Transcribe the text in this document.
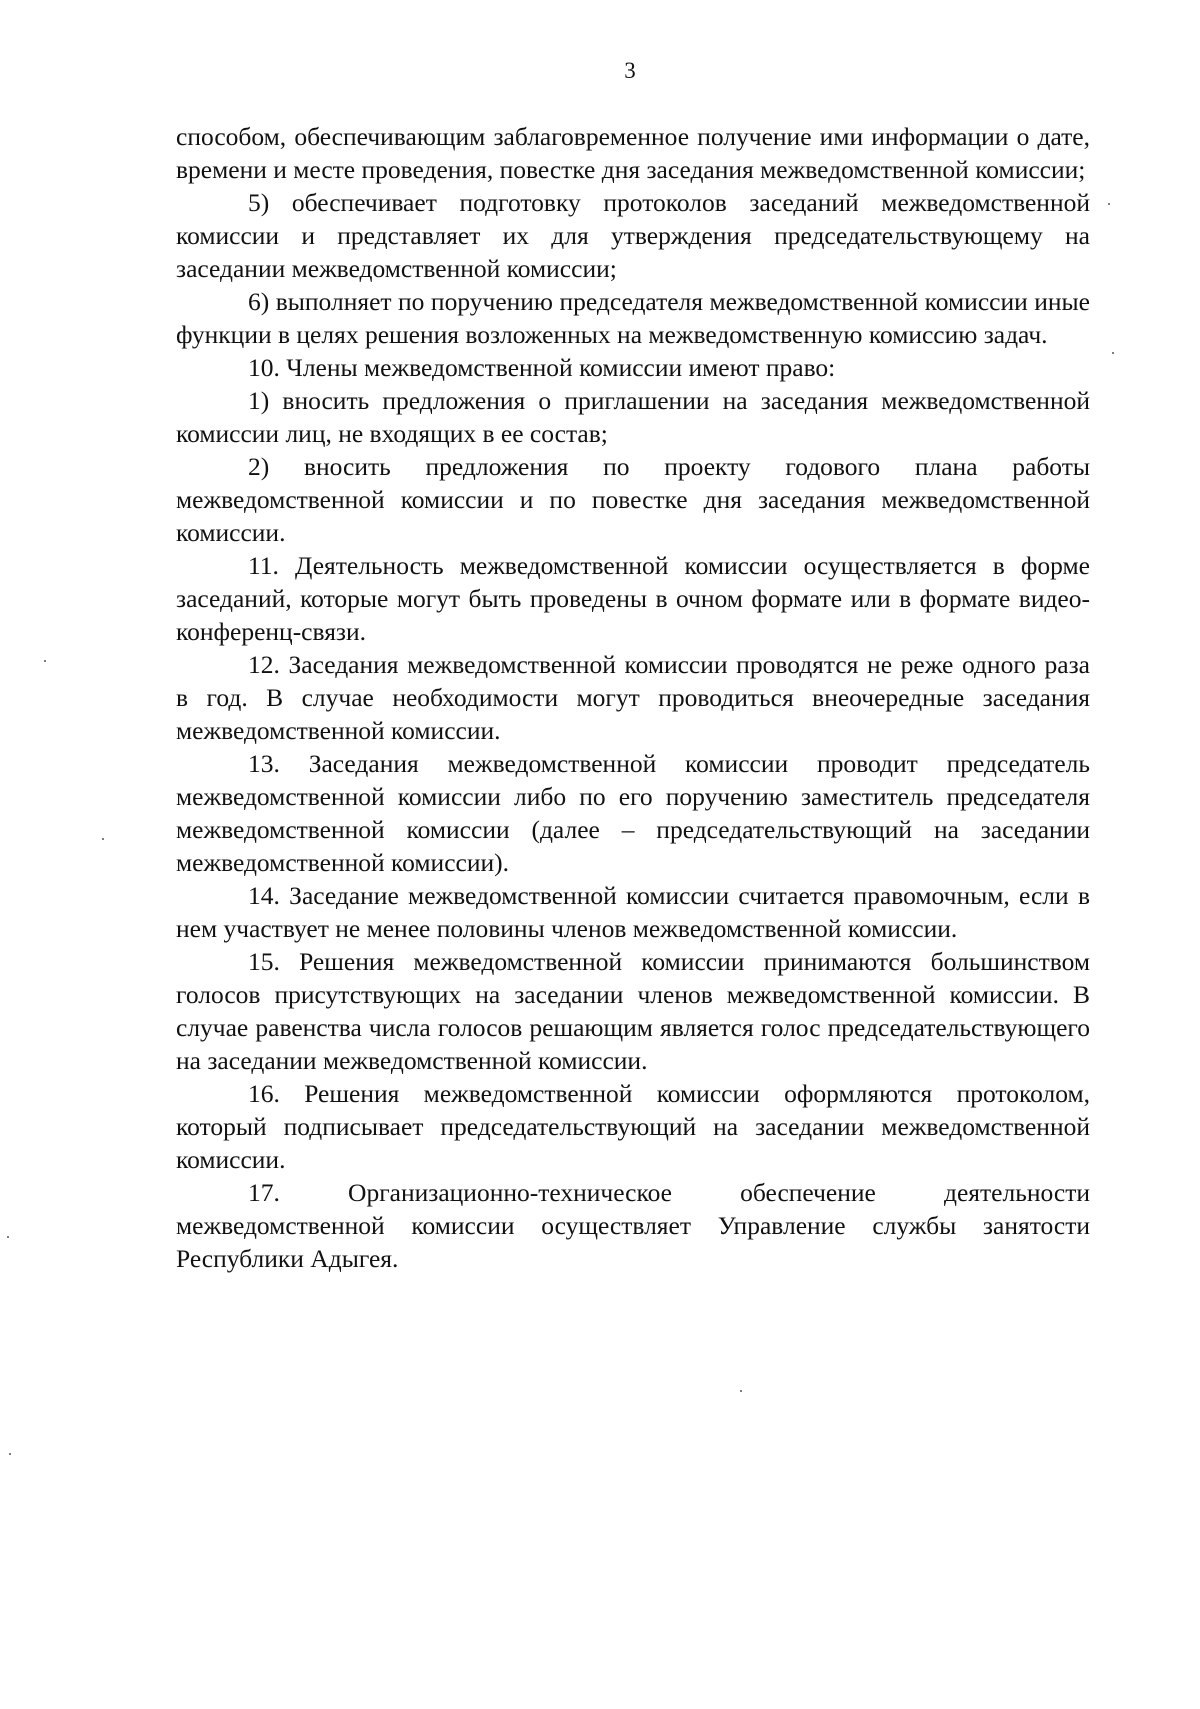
3

способом, обеспечивающим заблаговременное получение ими информации о дате, времени и месте проведения, повестке дня заседания межведомственной комиссии;

5) обеспечивает подготовку протоколов заседаний межведомственной комиссии и представляет их для утверждения председательствующему на заседании межведомственной комиссии;

6) выполняет по поручению председателя межведомственной комиссии иные функции в целях решения возложенных на межведомственную комиссию задач.

10. Члены межведомственной комиссии имеют право:

1) вносить предложения о приглашении на заседания межведомственной комиссии лиц, не входящих в ее состав;

2) вносить предложения по проекту годового плана работы межведомственной комиссии и по повестке дня заседания межведомственной комиссии.

11. Деятельность межведомственной комиссии осуществляется в форме заседаний, которые могут быть проведены в очном формате или в формате видео-конференц-связи.

12. Заседания межведомственной комиссии проводятся не реже одного раза в год. В случае необходимости могут проводиться внеочередные заседания межведомственной комиссии.

13. Заседания межведомственной комиссии проводит председатель межведомственной комиссии либо по его поручению заместитель председателя межведомственной комиссии (далее – председательствующий на заседании межведомственной комиссии).

14. Заседание межведомственной комиссии считается правомочным, если в нем участвует не менее половины членов межведомственной комиссии.

15. Решения межведомственной комиссии принимаются большинством голосов присутствующих на заседании членов межведомственной комиссии. В случае равенства числа голосов решающим является голос председательствующего на заседании межведомственной комиссии.

16. Решения межведомственной комиссии оформляются протоколом, который подписывает председательствующий на заседании межведомственной комиссии.

17. Организационно-техническое обеспечение деятельности межведомственной комиссии осуществляет Управление службы занятости Республики Адыгея.
